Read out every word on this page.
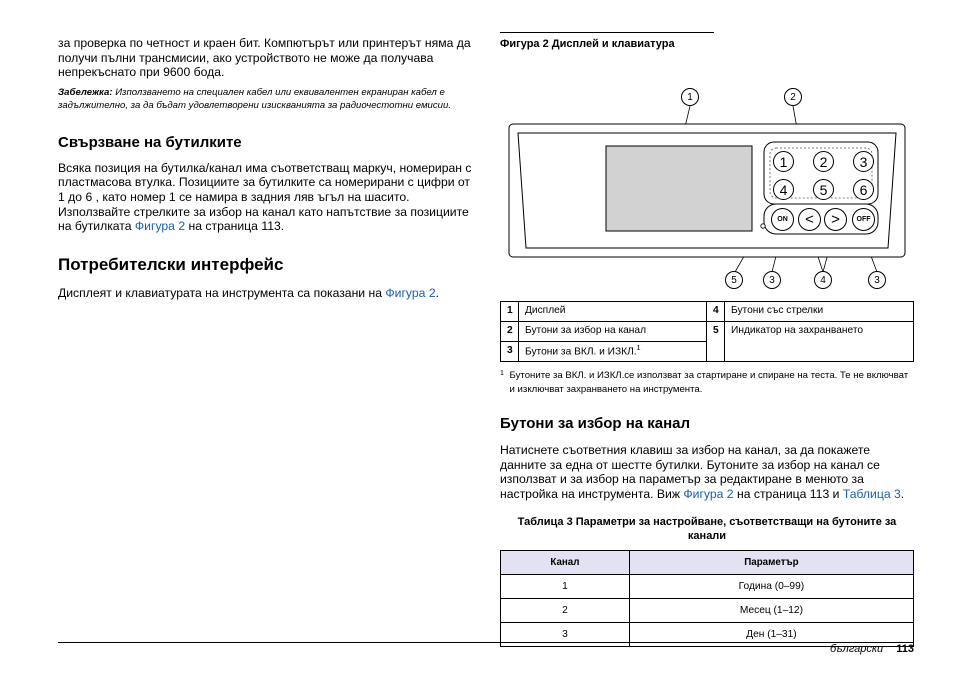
за проверка по четност и краен бит. Компютърът или принтерът няма да получи пълни трансмисии, ако устройството не може да получава непрекъснато при 9600 бода.

Забележка: Използването на специален кабел или еквивалентен екраниран кабел е задължително, за да бъдат удовлетворени изискванията за радиочестотни емисии.
Свързване на бутилките

Всяка позиция на бутилка/канал има съответстващ маркуч, номериран с пластмасова втулка. Позициите за бутилките са номерирани с цифри от 1 до 6 , като номер 1 се намира в задния ляв ъгъл на шасито. Използвайте стрелките за избор на канал като напътствие за позициите на бутилката Фигура 2 на страница 113.

Потребителски интерфейс

Дисплеят и клавиатурата на инструмента са показани на Фигура 2.

Фигура 2 Дисплей и клавиатура
1 2 3
4 5 6
ON < > OFF
1	2
5	3	4	3
1	Дисплей	4	Бутони със стрелки
2	Бутони за избор на канал	5	Индикатор на захранването
3	Бутони за ВКЛ. и ИЗКЛ.$^1$
1 Бутоните за ВКЛ. и ИЗКЛ.се използват за стартиране и спиране на теста. Те не включват и изключват захранването на инструмента.
Бутони за избор на канал

Натиснете съответния клавиш за избор на канал, за да покажете данните за една от шестте бутилки. Бутоните за избор на канал се използват и за избор на параметър за редактиране в менюто за настройка на инструмента. Виж Фигура 2 на страница 113 и Таблица 3.

Таблица 3 Параметри за настройване, съответстващи на бутоните за канали
Канал	Параметър
1	Година (0–99)
2	Месец (1–12)
3	Ден (1–31)
български 113
